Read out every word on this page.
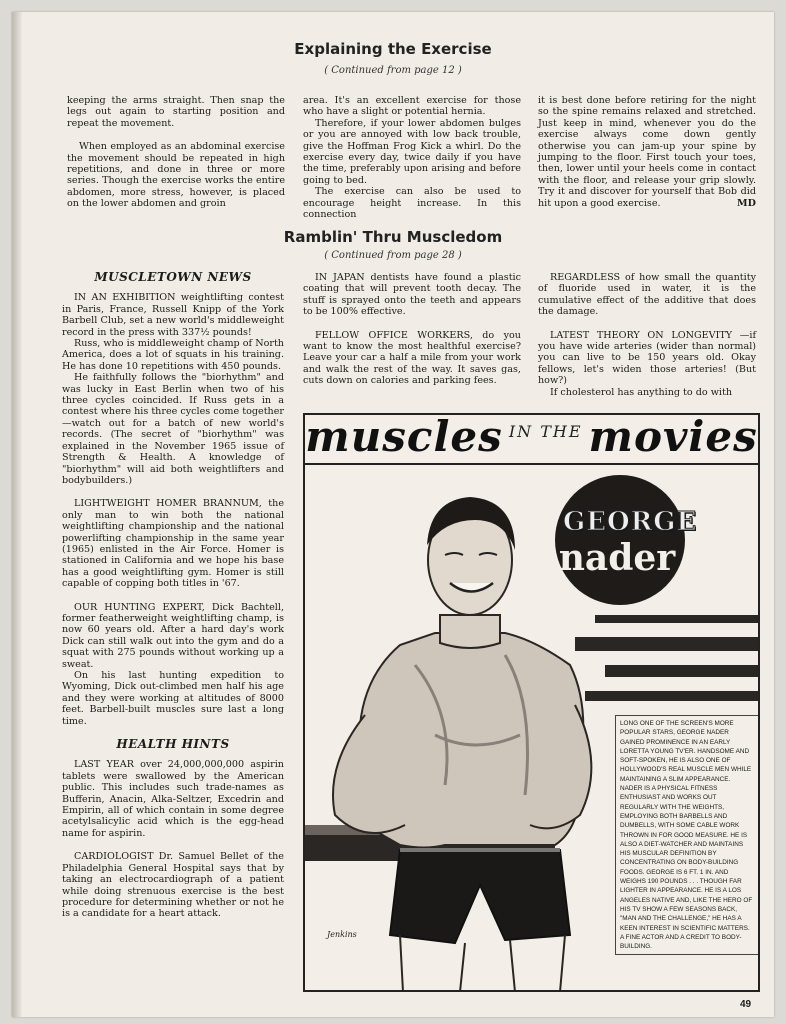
Explaining the Exercise
( Continued from page 12 )

keeping the arms straight. Then snap the legs out again to starting position and repeat the movement.

When employed as an abdominal exercise the movement should be repeated in high repetitions, and done in three or more series. Though the exercise works the entire abdomen, more stress, however, is placed on the lower abdomen and groin

area. It's an excellent exercise for those who have a slight or potential hernia.

Therefore, if your lower abdomen bulges or you are annoyed with low back trouble, give the Hoffman Frog Kick a whirl. Do the exercise every day, twice daily if you have the time, preferably upon arising and before going to bed.

The exercise can also be used to encourage height increase. In this connection

it is best done before retiring for the night so the spine remains relaxed and stretched. Just keep in mind, whenever you do the exercise always come down gently otherwise you can jam-up your spine by jumping to the floor. First touch your toes, then, lower until your heels come in contact with the floor, and release your grip slowly. Try it and discover for yourself that Bob did hit upon a good exercise.	MD
Ramblin' Thru Muscledom
( Continued from page 28 )
MUSCLETOWN NEWS

IN AN EXHIBITION weightlifting contest in Paris, France, Russell Knipp of the York Barbell Club, set a new world's middleweight record in the press with 337½ pounds!

Russ, who is middleweight champ of North America, does a lot of squats in his training. He has done 10 repetitions with 450 pounds.

He faithfully follows the "biorhythm" and was lucky in East Berlin when two of his three cycles coincided. If Russ gets in a contest where his three cycles come together—watch out for a batch of new world's records. (The secret of "biorhythm" was explained in the November 1965 issue of Strength & Health. A knowledge of "biorhythm" will aid both weightlifters and bodybuilders.)

LIGHTWEIGHT HOMER BRANNUM, the only man to win both the national weightlifting championship and the national powerlifting championship in the same year (1965) enlisted in the Air Force. Homer is stationed in California and we hope his base has a good weightlifting gym. Homer is still capable of copping both titles in '67.

OUR HUNTING EXPERT, Dick Bachtell, former featherweight weightlifting champ, is now 60 years old. After a hard day's work Dick can still walk out into the gym and do a squat with 275 pounds without working up a sweat.

On his last hunting expedition to Wyoming, Dick out-climbed men half his age and they were working at altitudes of 8000 feet. Barbell-built muscles sure last a long time.

HEALTH HINTS

LAST YEAR over 24,000,000,000 aspirin tablets were swallowed by the American public. This includes such trade-names as Bufferin, Anacin, Alka-Seltzer, Excedrin and Empirin, all of which contain in some degree acetylsalicylic acid which is the egg-head name for aspirin.

CARDIOLOGIST Dr. Samuel Bellet of the Philadelphia General Hospital says that by taking an electrocardiograph of a patient while doing strenuous exercise is the best procedure for determining whether or not he is a candidate for a heart attack.

IN JAPAN dentists have found a plastic coating that will prevent tooth decay. The stuff is sprayed onto the teeth and appears to be 100% effective.

FELLOW OFFICE WORKERS, do you want to know the most healthful exercise? Leave your car a half a mile from your work and walk the rest of the way. It saves gas, cuts down on calories and parking fees.

REGARDLESS of how small the quantity of fluoride used in water, it is the cumulative effect of the additive that does the damage.

LATEST THEORY ON LONGEVITY —if you have wide arteries (wider than normal) you can live to be 150 years old. Okay fellows, let's widen those arteries! (But how?)

If cholesterol has anything to do with

muscles IN THE movies
GEORGE
nader
LONG ONE OF THE SCREEN'S MORE POPULAR STARS, GEORGE NADER GAINED PROMINENCE IN AN EARLY LORETTA YOUNG TV'ER. HANDSOME AND SOFT-SPOKEN, HE IS ALSO ONE OF HOLLYWOOD'S REAL MUSCLE MEN WHILE MAINTAINING A SLIM APPEARANCE. NADER IS A PHYSICAL FITNESS ENTHUSIAST AND WORKS OUT REGULARLY WITH THE WEIGHTS, EMPLOYING BOTH BARBELLS AND DUMBELLS, WITH SOME CABLE WORK THROWN IN FOR GOOD MEASURE. HE IS ALSO A DIET-WATCHER AND MAINTAINS HIS MUSCULAR DEFINITION BY CONCENTRATING ON BODY-BUILDING FOODS. GEORGE IS 6 FT. 1 IN. AND WEIGHS 190 POUNDS . . . THOUGH FAR LIGHTER IN APPEARANCE. HE IS A LOS ANGELES NATIVE AND, LIKE THE HERO OF HIS TV SHOW A FEW SEASONS BACK, "MAN AND THE CHALLENGE," HE HAS A KEEN INTEREST IN SCIENTIFIC MATTERS. A FINE ACTOR AND A CREDIT TO BODY-BUILDING.
Jenkins
49
